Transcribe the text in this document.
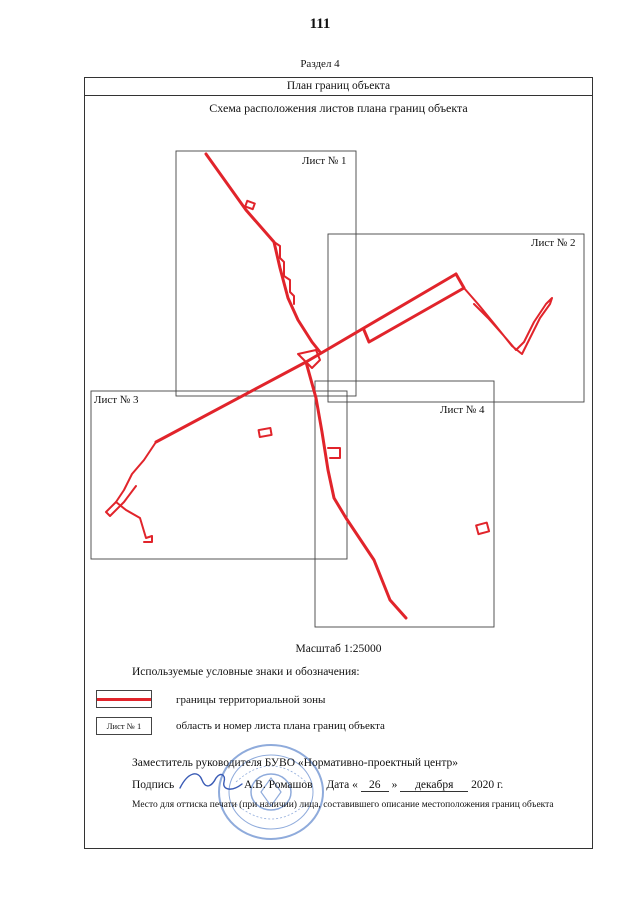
111
Раздел 4
План границ объекта
Схема расположения листов плана границ объекта
Лист № 1
Лист № 2
Лист № 3
Лист № 4
Масштаб 1:25000
Используемые условные знаки и обозначения:
границы территориальной зоны
Лист № 1	область и номер листа плана границ объекта
Заместитель руководителя БУВО «Нормативно-проектный центр»
Подпись	А.В. Ромашов Дата « 26 » декабря 2020 г.
Место для оттиска печати (при наличии) лица, составившего описание местоположения границ объекта
